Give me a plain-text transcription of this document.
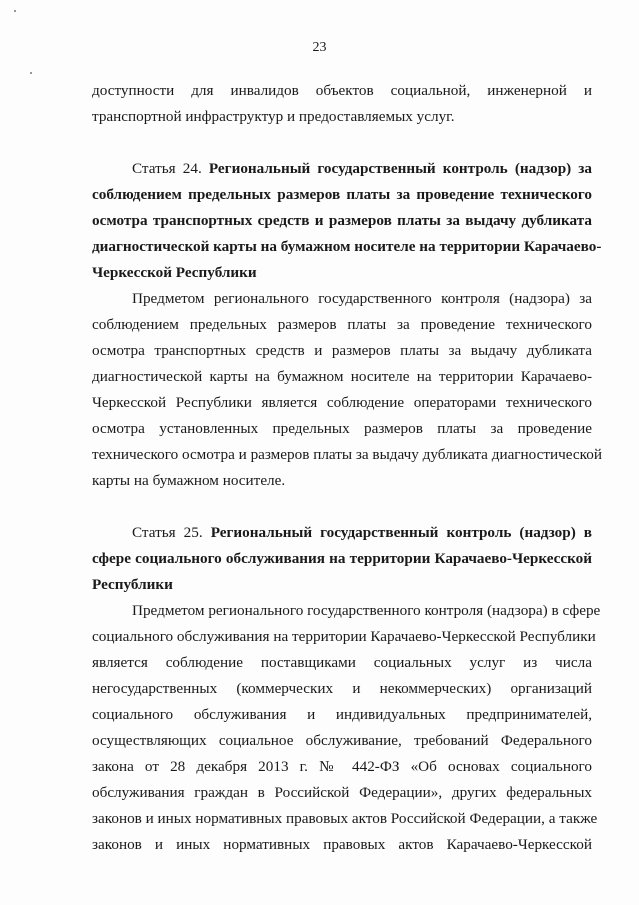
23
доступности для инвалидов объектов социальной, инженерной и
транспортной инфраструктур и предоставляемых услуг.
Статья 24. Региональный государственный контроль (надзор) за
соблюдением предельных размеров платы за проведение технического
осмотра транспортных средств и размеров платы за выдачу дубликата
диагностической карты на бумажном носителе на территории Карачаево-
Черкесской Республики
Предметом регионального государственного контроля (надзора) за
соблюдением предельных размеров платы за проведение технического
осмотра транспортных средств и размеров платы за выдачу дубликата
диагностической карты на бумажном носителе на территории Карачаево-
Черкесской Республики является соблюдение операторами технического
осмотра установленных предельных размеров платы за проведение
технического осмотра и размеров платы за выдачу дубликата диагностической
карты на бумажном носителе.
Статья 25. Региональный государственный контроль (надзор) в
сфере социального обслуживания на территории Карачаево-Черкесской
Республики
Предметом регионального государственного контроля (надзора) в сфере
социального обслуживания на территории Карачаево-Черкесской Республики
является соблюдение поставщиками социальных услуг из числа
негосударственных (коммерческих и некоммерческих) организаций
социального обслуживания и индивидуальных предпринимателей,
осуществляющих социальное обслуживание, требований Федерального
закона от 28 декабря 2013 г. № 442-ФЗ «Об основах социального
обслуживания граждан в Российской Федерации», других федеральных
законов и иных нормативных правовых актов Российской Федерации, а также
законов и иных нормативных правовых актов Карачаево-Черкесской
